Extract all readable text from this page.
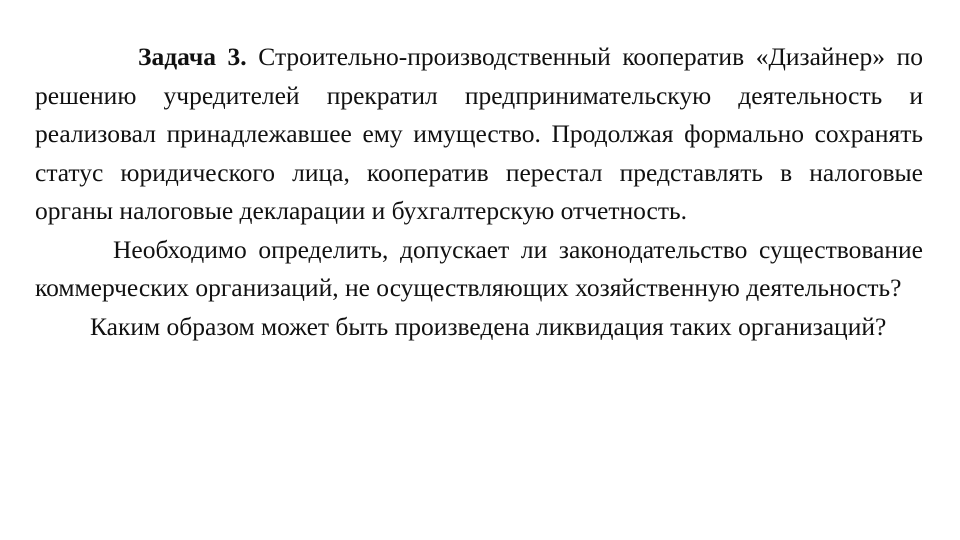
Задача 3. Строительно-производственный кооператив «Дизайнер» по решению учредителей прекратил предпринимательскую деятельность и реализовал принадлежавшее ему имущество. Продолжая формально сохранять статус юридического лица, кооператив перестал представлять в налоговые органы налоговые декларации и бухгалтерскую отчетность.

Необходимо определить, допускает ли законодательство существование коммерческих организаций, не осуществляющих хозяйственную деятельность?

Каким образом может быть произведена ликвидация таких организаций?
